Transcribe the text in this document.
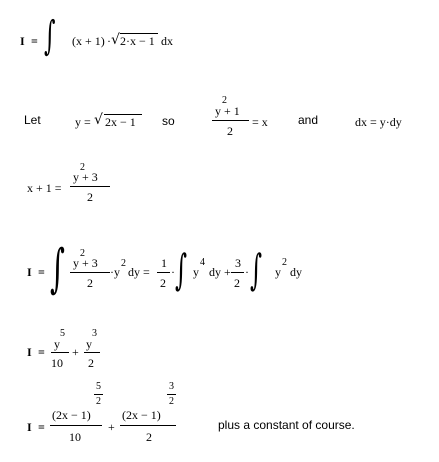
I = ∫ (x + 1) · √ 2·x − 1 dx
Let	y = √ 2x − 1 so
2
y + 1
2
= x	and	dx = y·dy
x + 1 =
2
y + 3
2
I = ∫ 2
y + 3
2
·y
2
dy =
1
2
· ∫ y
4
dy +
3
2
· ∫ y
2
dy
I =
y
5
10
+
y
3
2
I =
(2x − 1)
5
2
10
+
(2x − 1)
3
2
2
plus a constant of course.
